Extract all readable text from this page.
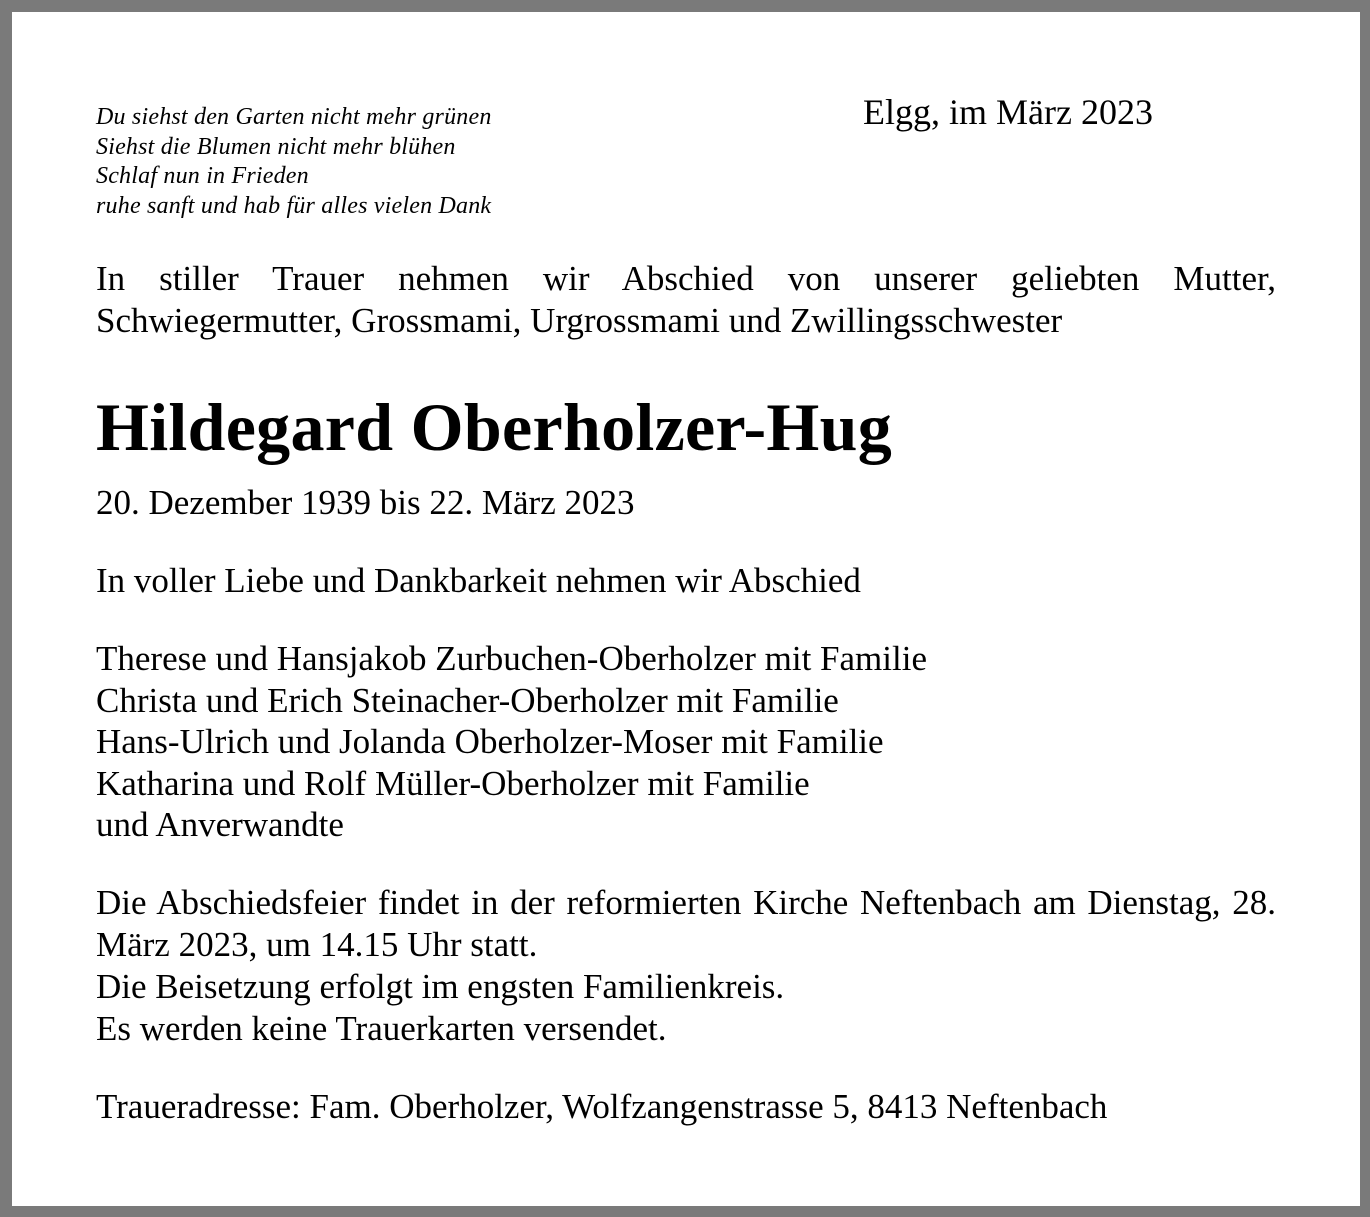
Du siehst den Garten nicht mehr grünen
Siehst die Blumen nicht mehr blühen
Schlaf nun in Frieden
ruhe sanft und hab für alles vielen Dank
Elgg, im März 2023
In stiller Trauer nehmen wir Abschied von unserer geliebten Mutter, Schwiegermutter, Grossmami, Urgrossmami und Zwillingsschwester
Hildegard Oberholzer-Hug
20. Dezember 1939 bis 22. März 2023
In voller Liebe und Dankbarkeit nehmen wir Abschied
Therese und Hansjakob Zurbuchen-Oberholzer mit Familie
Christa und Erich Steinacher-Oberholzer mit Familie
Hans-Ulrich und Jolanda Oberholzer-Moser mit Familie
Katharina und Rolf Müller-Oberholzer mit Familie
und Anverwandte
Die Abschiedsfeier findet in der reformierten Kirche Neftenbach am Dienstag, 28. März 2023, um 14.15 Uhr statt.
Die Beisetzung erfolgt im engsten Familienkreis.
Es werden keine Trauerkarten versendet.
Traueradresse: Fam. Oberholzer, Wolfzangenstrasse 5, 8413 Neftenbach
